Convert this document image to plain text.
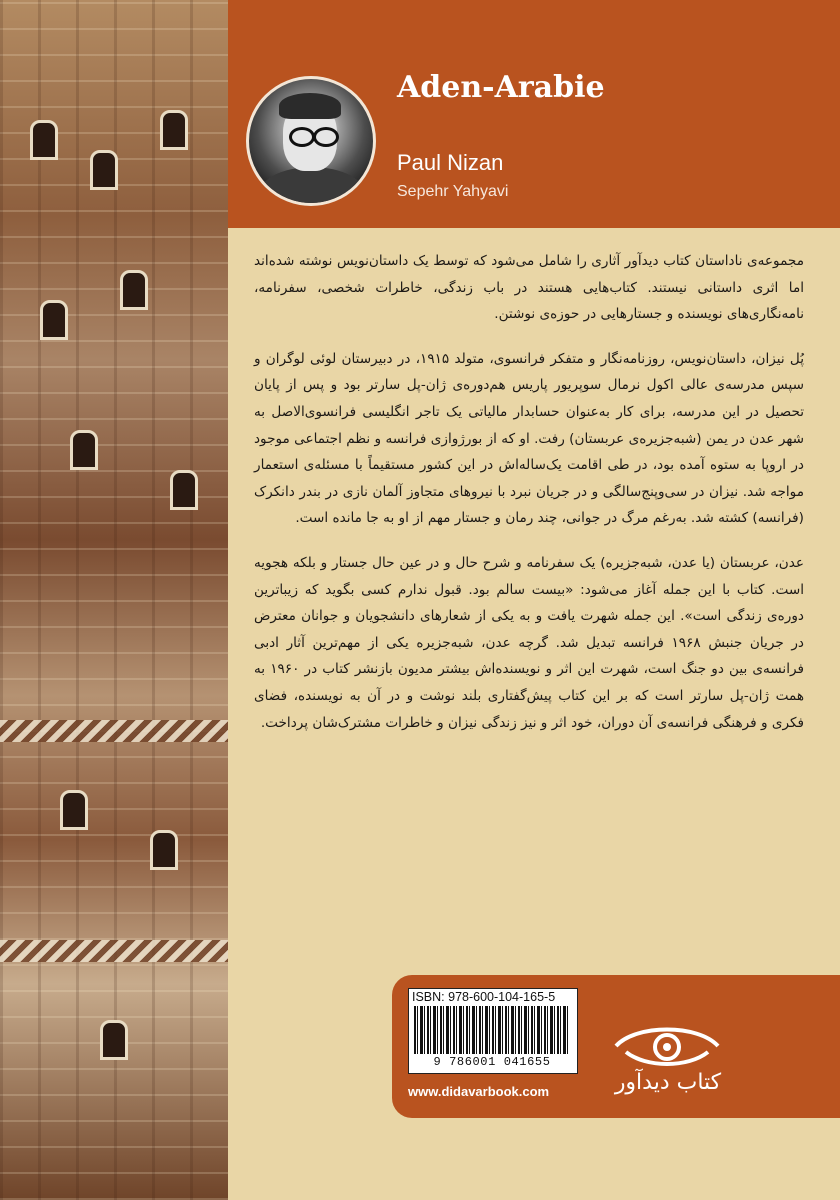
Aden-Arabie
Paul Nizan
Sepehr Yahyavi

مجموعه‌ی ناداستان کتاب دیدآور آثاری را شامل می‌شود که توسط یک داستان‌نویس نوشته شده‌اند اما اثری داستانی نیستند. کتاب‌هایی هستند در باب زندگی، خاطرات شخصی، سفرنامه، نامه‌نگاری‌های نویسنده و جستارهایی در حوزه‌ی نوشتن.

پُل نیزان، داستان‌نویس، روزنامه‌نگار و متفکر فرانسوی، متولد ۱۹۱۵، در دبیرستان لوئی لوگران و سپس مدرسه‌ی عالی اکول نرمال سوپریور پاریس هم‌دوره‌ی ژان-پل سارتر بود و پس از پایان تحصیل در این مدرسه، برای کار به‌عنوان حسابدار مالیاتی یک تاجر انگلیسی فرانسوی‌الاصل به شهر عدن در یمن (شبه‌جزیره‌ی عربستان) رفت. او که از بورژوازی فرانسه و نظم اجتماعی موجود در اروپا به ستوه آمده بود، در طی اقامت یک‌ساله‌اش در این کشور مستقیماً با مسئله‌ی استعمار مواجه شد. نیزان در سی‌وپنج‌سالگی و در جریان نبرد با نیروهای متجاوز آلمان نازی در بندر دانکرک (فرانسه) کشته شد. به‌رغم مرگ در جوانی، چند رمان و جستار مهم از او به جا مانده است.

عدن، عربستان (یا عدن، شبه‌جزیره) یک سفرنامه و شرح حال و در عین حال جستار و بلکه هجویه است. کتاب با این جمله آغاز می‌شود: «بیست سالم بود. قبول ندارم کسی بگوید که زیباترین دوره‌ی زندگی است». این جمله شهرت یافت و به یکی از شعارهای دانشجویان و جوانان معترض در جریان جنبش ۱۹۶۸ فرانسه تبدیل شد. گرچه عدن، شبه‌جزیره یکی از مهم‌ترین آثار ادبی فرانسه‌ی بین دو جنگ است، شهرت این اثر و نویسنده‌اش بیشتر مدیون بازنشر کتاب در ۱۹۶۰ به همت ژان-پل سارتر است که بر این کتاب پیش‌گفتاری بلند نوشت و در آن به نویسنده، فضای فکری و فرهنگی فرانسه‌ی آن دوران، خود اثر و نیز زندگی نیزان و خاطرات مشترک‌شان پرداخت.

ISBN: 978-600-104-165-5
9 786001 041655
www.didavarbook.com	کتاب دیدآور
